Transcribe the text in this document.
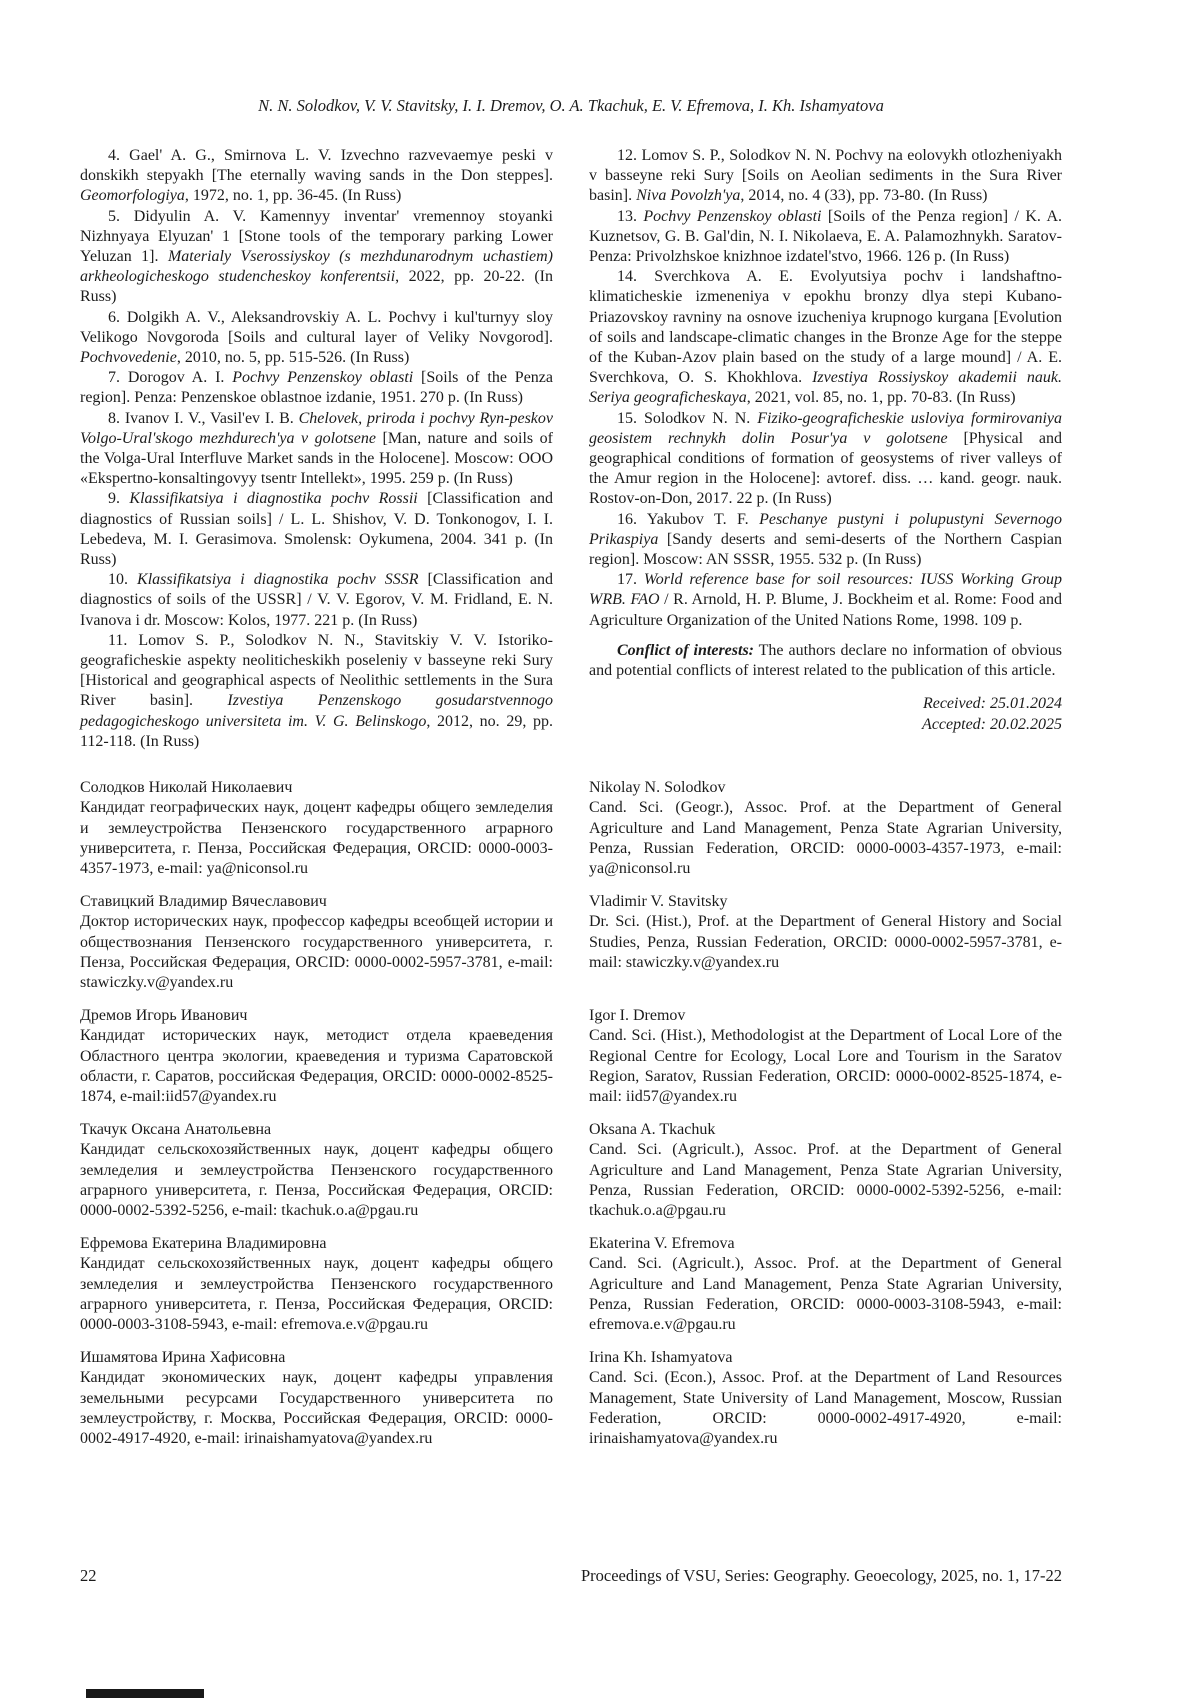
N. N. Solodkov, V. V. Stavitsky, I. I. Dremov, O. A. Tkachuk, E. V. Efremova, I. Kh. Ishamyatova

4. Gael' A. G., Smirnova L. V. Izvechno razvevaemye peski v donskikh stepyakh [The eternally waving sands in the Don steppes]. Geomorfologiya, 1972, no. 1, pp. 36-45. (In Russ)

5. Didyulin A. V. Kamennyy inventar' vremennoy stoyanki Nizhnyaya Elyuzan' 1 [Stone tools of the temporary parking Lower Yeluzan 1]. Materialy Vserossiyskoy (s mezhdunarodnym uchastiem) arkheologicheskogo studencheskoy konferentsii, 2022, pp. 20-22. (In Russ)

6. Dolgikh A. V., Aleksandrovskiy A. L. Pochvy i kul'turnyy sloy Velikogo Novgoroda [Soils and cultural layer of Veliky Novgorod]. Pochvovedenie, 2010, no. 5, pp. 515-526. (In Russ)

7. Dorogov A. I. Pochvy Penzenskoy oblasti [Soils of the Penza region]. Penza: Penzenskoe oblastnoe izdanie, 1951. 270 p. (In Russ)

8. Ivanov I. V., Vasil'ev I. B. Chelovek, priroda i pochvy Ryn-peskov Volgo-Ural'skogo mezhdurech'ya v golotsene [Man, nature and soils of the Volga-Ural Interfluve Market sands in the Holocene]. Moscow: OOO «Ekspertno-konsaltingovyy tsentr Intellekt», 1995. 259 p. (In Russ)

9. Klassifikatsiya i diagnostika pochv Rossii [Classification and diagnostics of Russian soils] / L. L. Shishov, V. D. Tonkonogov, I. I. Lebedeva, M. I. Gerasimova. Smolensk: Oykumena, 2004. 341 p. (In Russ)

10. Klassifikatsiya i diagnostika pochv SSSR [Classification and diagnostics of soils of the USSR] / V. V. Egorov, V. M. Fridland, E. N. Ivanova i dr. Moscow: Kolos, 1977. 221 p. (In Russ)

11. Lomov S. P., Solodkov N. N., Stavitskiy V. V. Istoriko-geograficheskie aspekty neoliticheskikh poseleniy v basseyne reki Sury [Historical and geographical aspects of Neolithic settlements in the Sura River basin]. Izvestiya Penzenskogo gosudarstvennogo pedagogicheskogo universiteta im. V. G. Belinskogo, 2012, no. 29, pp. 112-118. (In Russ)

12. Lomov S. P., Solodkov N. N. Pochvy na eolovykh otlozheniyakh v basseyne reki Sury [Soils on Aeolian sediments in the Sura River basin]. Niva Povolzh'ya, 2014, no. 4 (33), pp. 73-80. (In Russ)

13. Pochvy Penzenskoy oblasti [Soils of the Penza region] / K. A. Kuznetsov, G. B. Gal'din, N. I. Nikolaeva, E. A. Palamozhnykh. Saratov-Penza: Privolzhskoe knizhnoe izdatel'stvo, 1966. 126 p. (In Russ)

14. Sverchkova A. E. Evolyutsiya pochv i landshaftno-klimaticheskie izmeneniya v epokhu bronzy dlya stepi Kubano-Priazovskoy ravniny na osnove izucheniya krupnogo kurgana [Evolution of soils and landscape-climatic changes in the Bronze Age for the steppe of the Kuban-Azov plain based on the study of a large mound] / A. E. Sverchkova, O. S. Khokhlova. Izvestiya Rossiyskoy akademii nauk. Seriya geograficheskaya, 2021, vol. 85, no. 1, pp. 70-83. (In Russ)

15. Solodkov N. N. Fiziko-geograficheskie usloviya formirovaniya geosistem rechnykh dolin Posur'ya v golotsene [Physical and geographical conditions of formation of geosystems of river valleys of the Amur region in the Holocene]: avtoref. diss. … kand. geogr. nauk. Rostov-on-Don, 2017. 22 p. (In Russ)

16. Yakubov T. F. Peschanye pustyni i polupustyni Severnogo Prikaspiya [Sandy deserts and semi-deserts of the Northern Caspian region]. Moscow: AN SSSR, 1955. 532 p. (In Russ)

17. World reference base for soil resources: IUSS Working Group WRB. FAO / R. Arnold, H. P. Blume, J. Bockheim et al. Rome: Food and Agriculture Organization of the United Nations Rome, 1998. 109 p.

Conflict of interests: The authors declare no information of obvious and potential conflicts of interest related to the publication of this article.

Received: 25.01.2024
Accepted: 20.02.2025
Солодков Николай Николаевич
Кандидат географических наук, доцент кафедры общего земледелия и землеустройства Пензенского государственного аграрного университета, г. Пенза, Российская Федерация, ORCID: 0000-0003-4357-1973, e-mail: ya@niconsol.ru
Nikolay N. Solodkov
Cand. Sci. (Geogr.), Assoc. Prof. at the Department of General Agriculture and Land Management, Penza State Agrarian University, Penza, Russian Federation, ORCID: 0000-0003-4357-1973, e-mail: ya@niconsol.ru
Ставицкий Владимир Вячеславович
Доктор исторических наук, профессор кафедры всеобщей истории и обществознания Пензенского государственного университета, г. Пенза, Российская Федерация, ORCID: 0000-0002-5957-3781, e-mail: stawiczky.v@yandex.ru
Vladimir V. Stavitsky
Dr. Sci. (Hist.), Prof. at the Department of General History and Social Studies, Penza, Russian Federation, ORCID: 0000-0002-5957-3781, e-mail: stawiczky.v@yandex.ru
Дремов Игорь Иванович
Кандидат исторических наук, методист отдела краеведения Областного центра экологии, краеведения и туризма Саратовской области, г. Саратов, российская Федерация, ORCID: 0000-0002-8525-1874, e-mail:iid57@yandex.ru
Igor I. Dremov
Cand. Sci. (Hist.), Methodologist at the Department of Local Lore of the Regional Centre for Ecology, Local Lore and Tourism in the Saratov Region, Saratov, Russian Federation, ORCID: 0000-0002-8525-1874, e-mail: iid57@yandex.ru
Ткачук Оксана Анатольевна
Кандидат сельскохозяйственных наук, доцент кафедры общего земледелия и землеустройства Пензенского государственного аграрного университета, г. Пенза, Российская Федерация, ORCID: 0000-0002-5392-5256, e-mail: tkachuk.o.a@pgau.ru
Oksana A. Tkachuk
Cand. Sci. (Agricult.), Assoc. Prof. at the Department of General Agriculture and Land Management, Penza State Agrarian University, Penza, Russian Federation, ORCID: 0000-0002-5392-5256, e-mail: tkachuk.o.a@pgau.ru
Ефремова Екатерина Владимировна
Кандидат сельскохозяйственных наук, доцент кафедры общего земледелия и землеустройства Пензенского государственного аграрного университета, г. Пенза, Российская Федерация, ORCID: 0000-0003-3108-5943, e-mail: efremova.e.v@pgau.ru
Ekaterina V. Efremova
Cand. Sci. (Agricult.), Assoc. Prof. at the Department of General Agriculture and Land Management, Penza State Agrarian University, Penza, Russian Federation, ORCID: 0000-0003-3108-5943, e-mail: efremova.e.v@pgau.ru
Ишамятова Ирина Хафисовна
Кандидат экономических наук, доцент кафедры управления земельными ресурсами Государственного университета по землеустройству, г. Москва, Российская Федерация, ORCID: 0000-0002-4917-4920, e-mail: irinaishamyatova@yandex.ru
Irina Kh. Ishamyatova
Cand. Sci. (Econ.), Assoc. Prof. at the Department of Land Resources Management, State University of Land Management, Moscow, Russian Federation, ORCID: 0000-0002-4917-4920, e-mail: irinaishamyatova@yandex.ru
22	Proceedings of VSU, Series: Geography. Geoecology, 2025, no. 1, 17-22
